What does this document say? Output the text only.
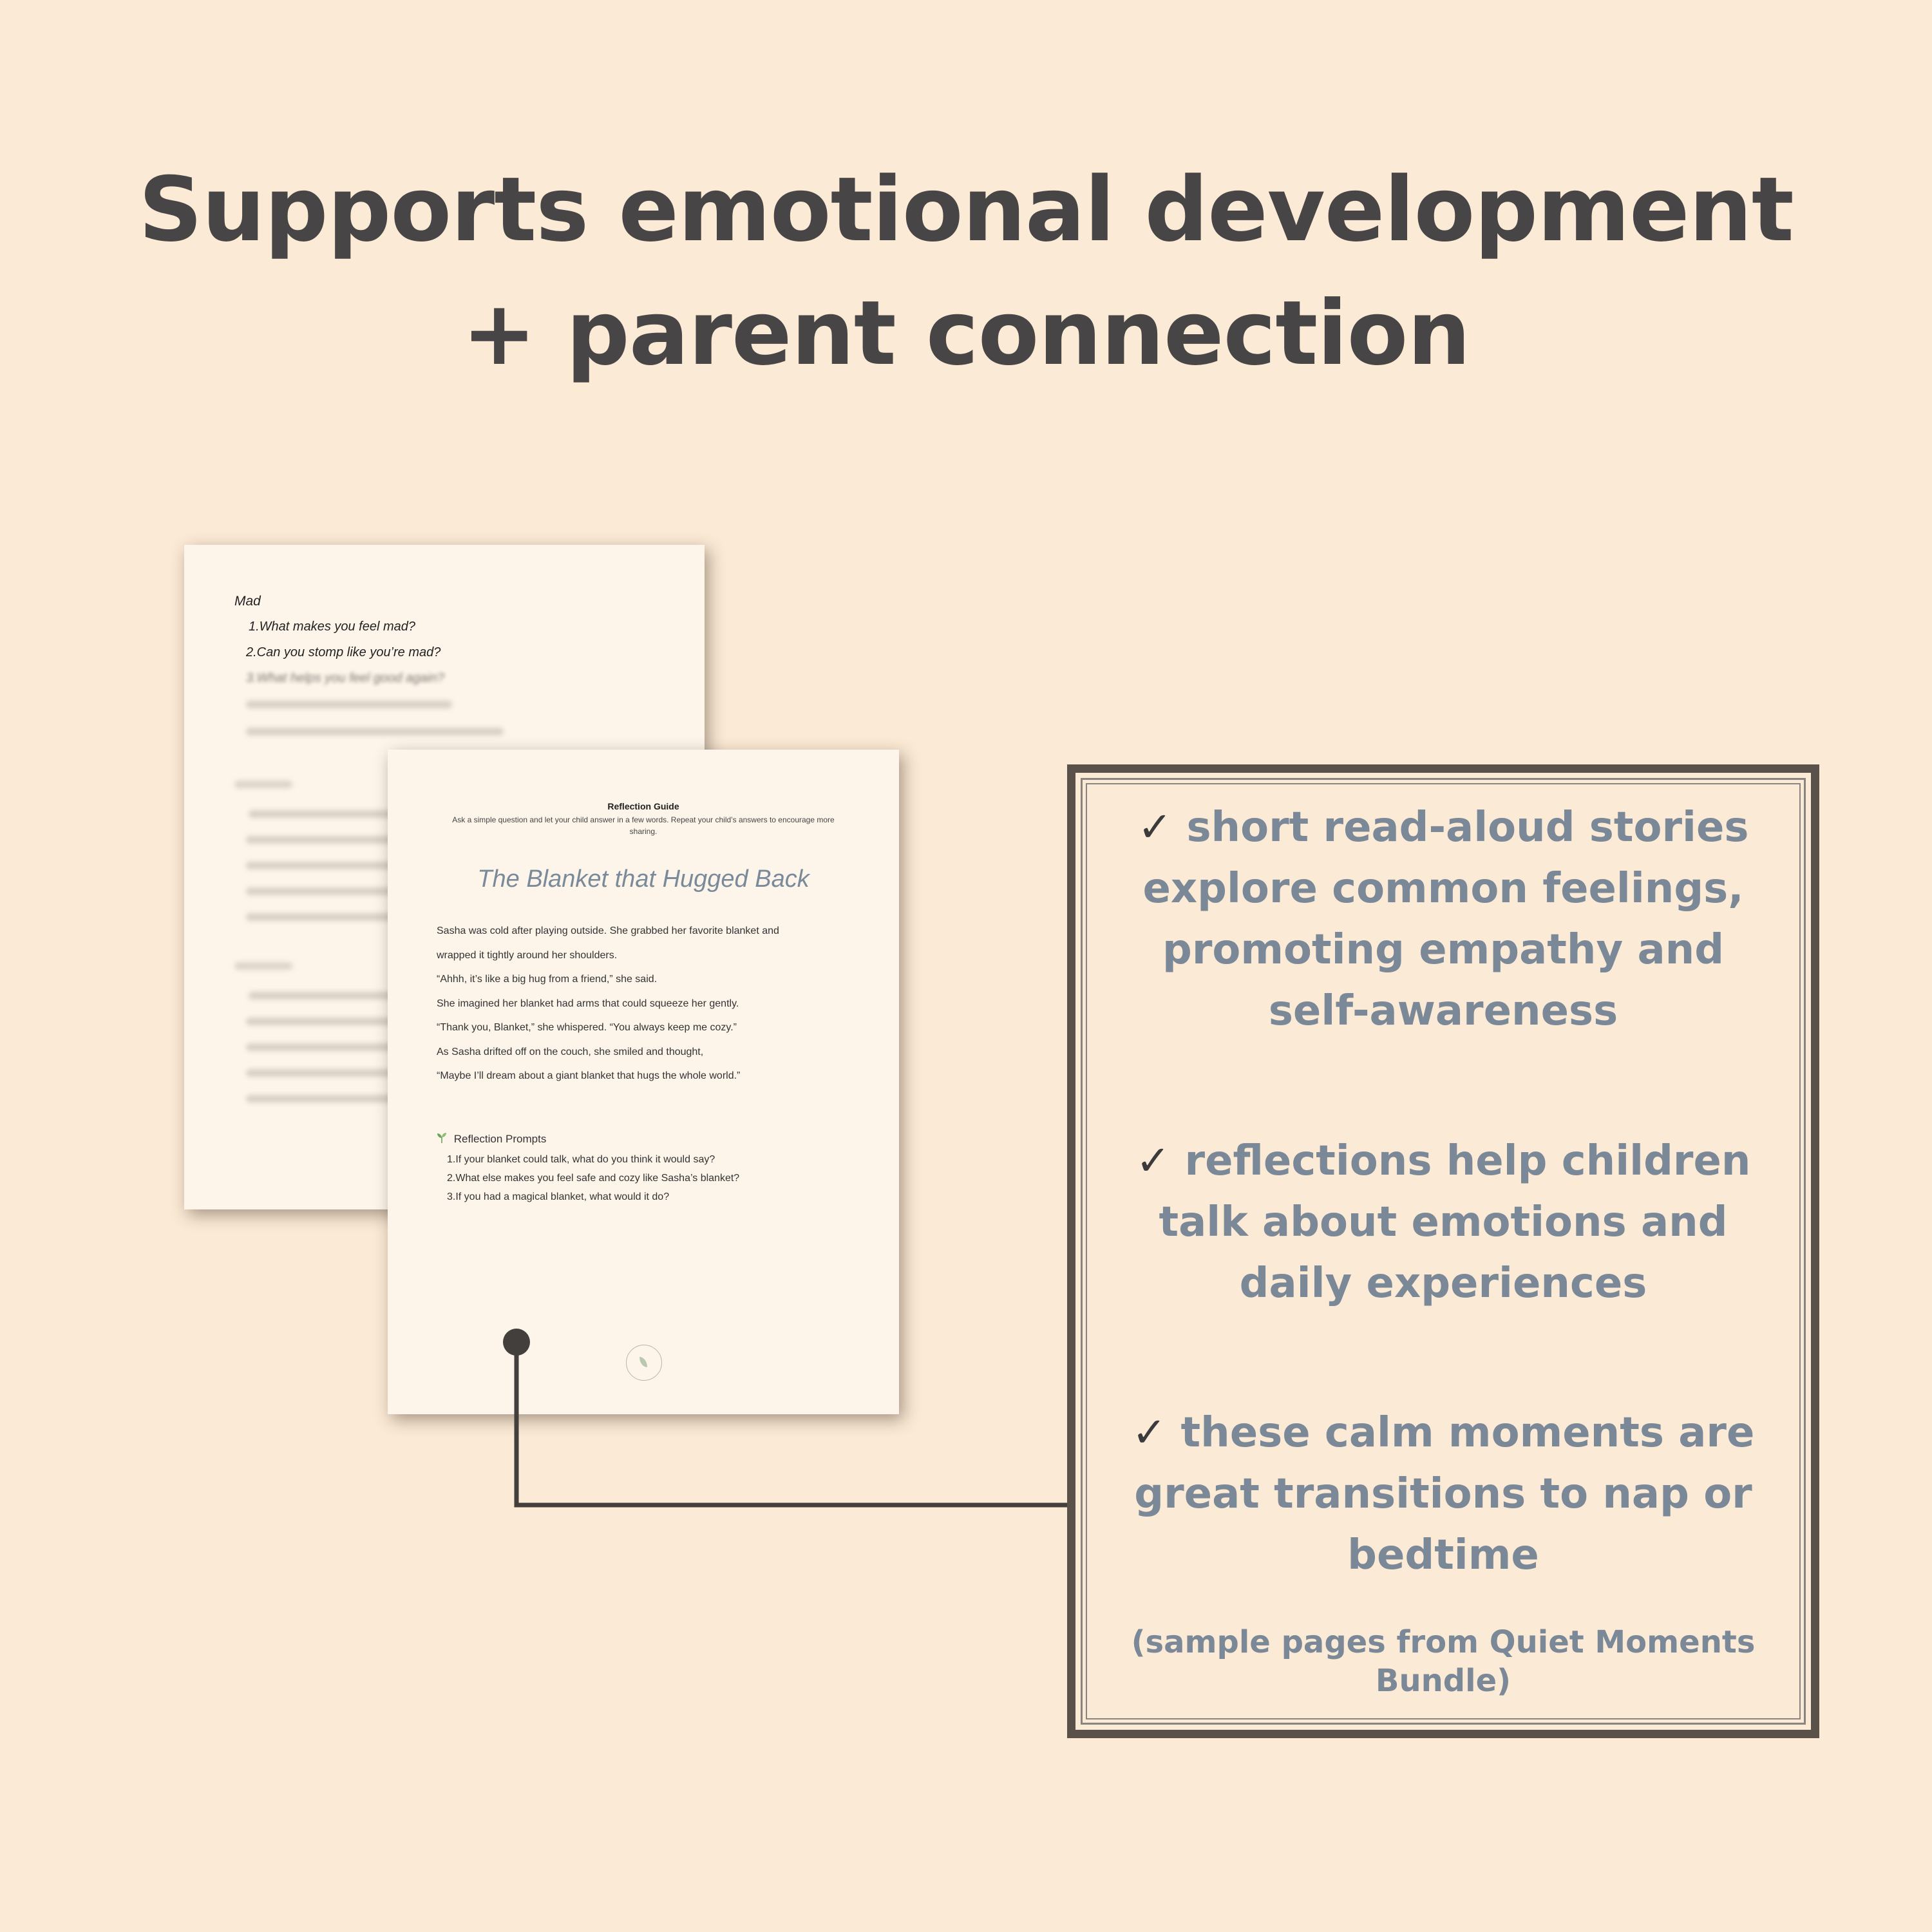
Supports emotional development
+ parent connection
Mad
1.What makes you feel mad?
2.Can you stomp like you’re mad?
3.What helps you feel good again?
Reflection Guide
Ask a simple question and let your child answer in a few words. Repeat your child’s answers to encourage more sharing.
The Blanket that Hugged Back
Sasha was cold after playing outside. She grabbed her favorite blanket and
wrapped it tightly around her shoulders.
“Ahhh, it’s like a big hug from a friend,” she said.
She imagined her blanket had arms that could squeeze her gently.
“Thank you, Blanket,” she whispered. “You always keep me cozy.”
As Sasha drifted off on the couch, she smiled and thought,
“Maybe I’ll dream about a giant blanket that hugs the whole world.”
Reflection Prompts
1.If your blanket could talk, what do you think it would say?
2.What else makes you feel safe and cozy like Sasha’s blanket?
3.If you had a magical blanket, what would it do?
✓ short read-aloud stories explore common feelings, promoting empathy and self-awareness
✓ reflections help children talk about emotions and daily experiences
✓ these calm moments are great transitions to nap or bedtime
(sample pages from Quiet Moments Bundle)
